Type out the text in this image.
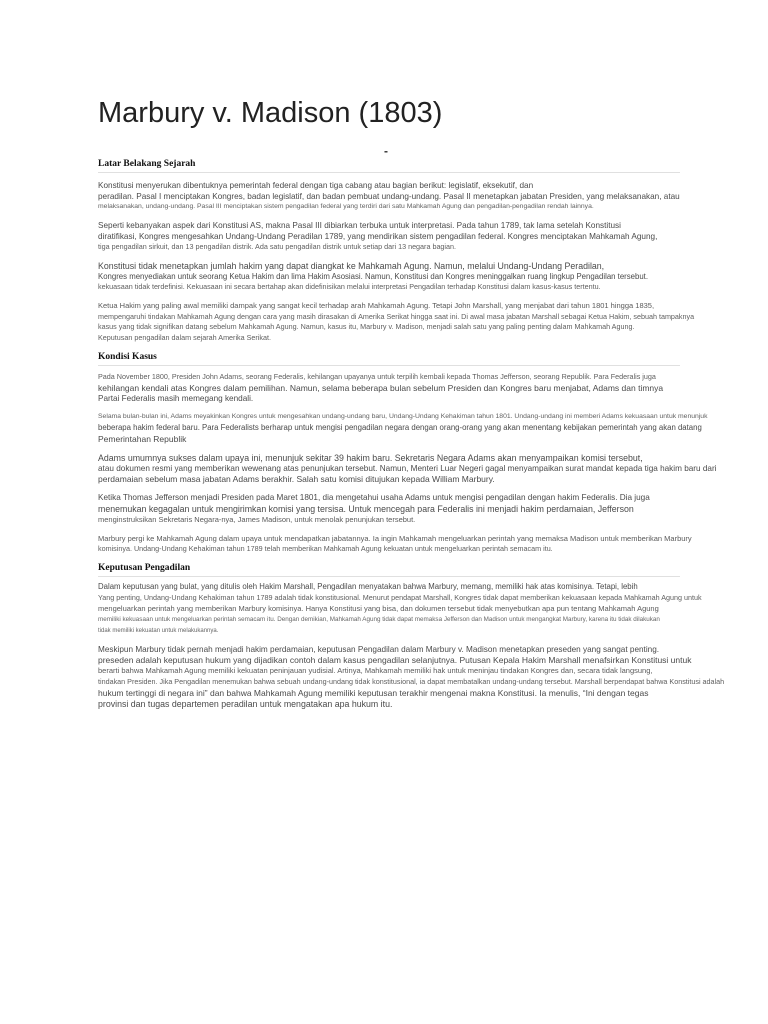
Marbury v. Madison (1803)
-
Latar Belakang Sejarah
Konstitusi menyerukan dibentuknya pemerintah federal dengan tiga cabang atau bagian berikut: legislatif, eksekutif, dan
peradilan. Pasal I menciptakan Kongres, badan legislatif, dan badan pembuat undang-undang. Pasal II menetapkan jabatan Presiden, yang melaksanakan, atau
melaksanakan, undang-undang. Pasal III menciptakan sistem pengadilan federal yang terdiri dari satu Mahkamah Agung dan pengadilan-pengadilan rendah lainnya.
Seperti kebanyakan aspek dari Konstitusi AS, makna Pasal III dibiarkan terbuka untuk interpretasi. Pada tahun 1789, tak lama setelah Konstitusi
diratifikasi, Kongres mengesahkan Undang-Undang Peradilan 1789, yang mendirikan sistem pengadilan federal. Kongres menciptakan Mahkamah Agung,
tiga pengadilan sirkuit, dan 13 pengadilan distrik. Ada satu pengadilan distrik untuk setiap dari 13 negara bagian.
Konstitusi tidak menetapkan jumlah hakim yang dapat diangkat ke Mahkamah Agung. Namun, melalui Undang-Undang Peradilan,
Kongres menyediakan untuk seorang Ketua Hakim dan lima Hakim Asosiasi. Namun, Konstitusi dan Kongres meninggalkan ruang lingkup Pengadilan tersebut.
kekuasaan tidak terdefinisi. Kekuasaan ini secara bertahap akan didefinisikan melalui interpretasi Pengadilan terhadap Konstitusi dalam kasus-kasus tertentu.
Ketua Hakim yang paling awal memiliki dampak yang sangat kecil terhadap arah Mahkamah Agung. Tetapi John Marshall, yang menjabat dari tahun 1801 hingga 1835,
mempengaruhi tindakan Mahkamah Agung dengan cara yang masih dirasakan di Amerika Serikat hingga saat ini. Di awal masa jabatan Marshall sebagai Ketua Hakim, sebuah tampaknya
kasus yang tidak signifikan datang sebelum Mahkamah Agung. Namun, kasus itu, Marbury v. Madison, menjadi salah satu yang paling penting dalam Mahkamah Agung.
Keputusan pengadilan dalam sejarah Amerika Serikat.
Kondisi Kasus
Pada November 1800, Presiden John Adams, seorang Federalis, kehilangan upayanya untuk terpilih kembali kepada Thomas Jefferson, seorang Republik. Para Federalis juga
kehilangan kendali atas Kongres dalam pemilihan. Namun, selama beberapa bulan sebelum Presiden dan Kongres baru menjabat, Adams dan timnya
Partai Federalis masih memegang kendali.
Selama bulan-bulan ini, Adams meyakinkan Kongres untuk mengesahkan undang-undang baru, Undang-Undang Kehakiman tahun 1801. Undang-undang ini memberi Adams kekuasaan untuk menunjuk
beberapa hakim federal baru. Para Federalists berharap untuk mengisi pengadilan negara dengan orang-orang yang akan menentang kebijakan pemerintah yang akan datang
Pemerintahan Republik
Adams umumnya sukses dalam upaya ini, menunjuk sekitar 39 hakim baru. Sekretaris Negara Adams akan menyampaikan komisi tersebut,
atau dokumen resmi yang memberikan wewenang atas penunjukan tersebut. Namun, Menteri Luar Negeri gagal menyampaikan surat mandat kepada tiga hakim baru dari
perdamaian sebelum masa jabatan Adams berakhir. Salah satu komisi ditujukan kepada William Marbury.
Ketika Thomas Jefferson menjadi Presiden pada Maret 1801, dia mengetahui usaha Adams untuk mengisi pengadilan dengan hakim Federalis. Dia juga
menemukan kegagalan untuk mengirimkan komisi yang tersisa. Untuk mencegah para Federalis ini menjadi hakim perdamaian, Jefferson
menginstruksikan Sekretaris Negara-nya, James Madison, untuk menolak penunjukan tersebut.
Marbury pergi ke Mahkamah Agung dalam upaya untuk mendapatkan jabatannya. Ia ingin Mahkamah mengeluarkan perintah yang memaksa Madison untuk memberikan Marbury
komisinya. Undang-Undang Kehakiman tahun 1789 telah memberikan Mahkamah Agung kekuatan untuk mengeluarkan perintah semacam itu.
Keputusan Pengadilan
Dalam keputusan yang bulat, yang ditulis oleh Hakim Marshall, Pengadilan menyatakan bahwa Marbury, memang, memiliki hak atas komisinya. Tetapi, lebih
Yang penting, Undang-Undang Kehakiman tahun 1789 adalah tidak konstitusional. Menurut pendapat Marshall, Kongres tidak dapat memberikan kekuasaan kepada Mahkamah Agung untuk
mengeluarkan perintah yang memberikan Marbury komisinya. Hanya Konstitusi yang bisa, dan dokumen tersebut tidak menyebutkan apa pun tentang Mahkamah Agung
memiliki kekuasaan untuk mengeluarkan perintah semacam itu. Dengan demikian, Mahkamah Agung tidak dapat memaksa Jefferson dan Madison untuk mengangkat Marbury, karena itu tidak dilakukan
tidak memiliki kekuatan untuk melakukannya.
Meskipun Marbury tidak pernah menjadi hakim perdamaian, keputusan Pengadilan dalam Marbury v. Madison menetapkan preseden yang sangat penting.
preseden adalah keputusan hukum yang dijadikan contoh dalam kasus pengadilan selanjutnya. Putusan Kepala Hakim Marshall menafsirkan Konstitusi untuk
berarti bahwa Mahkamah Agung memiliki kekuatan peninjauan yudisial. Artinya, Mahkamah memiliki hak untuk meninjau tindakan Kongres dan, secara tidak langsung,
tindakan Presiden. Jika Pengadilan menemukan bahwa sebuah undang-undang tidak konstitusional, ia dapat membatalkan undang-undang tersebut. Marshall berpendapat bahwa Konstitusi adalah
hukum tertinggi di negara ini” dan bahwa Mahkamah Agung memiliki keputusan terakhir mengenai makna Konstitusi. Ia menulis, “Ini dengan tegas
provinsi dan tugas departemen peradilan untuk mengatakan apa hukum itu.
